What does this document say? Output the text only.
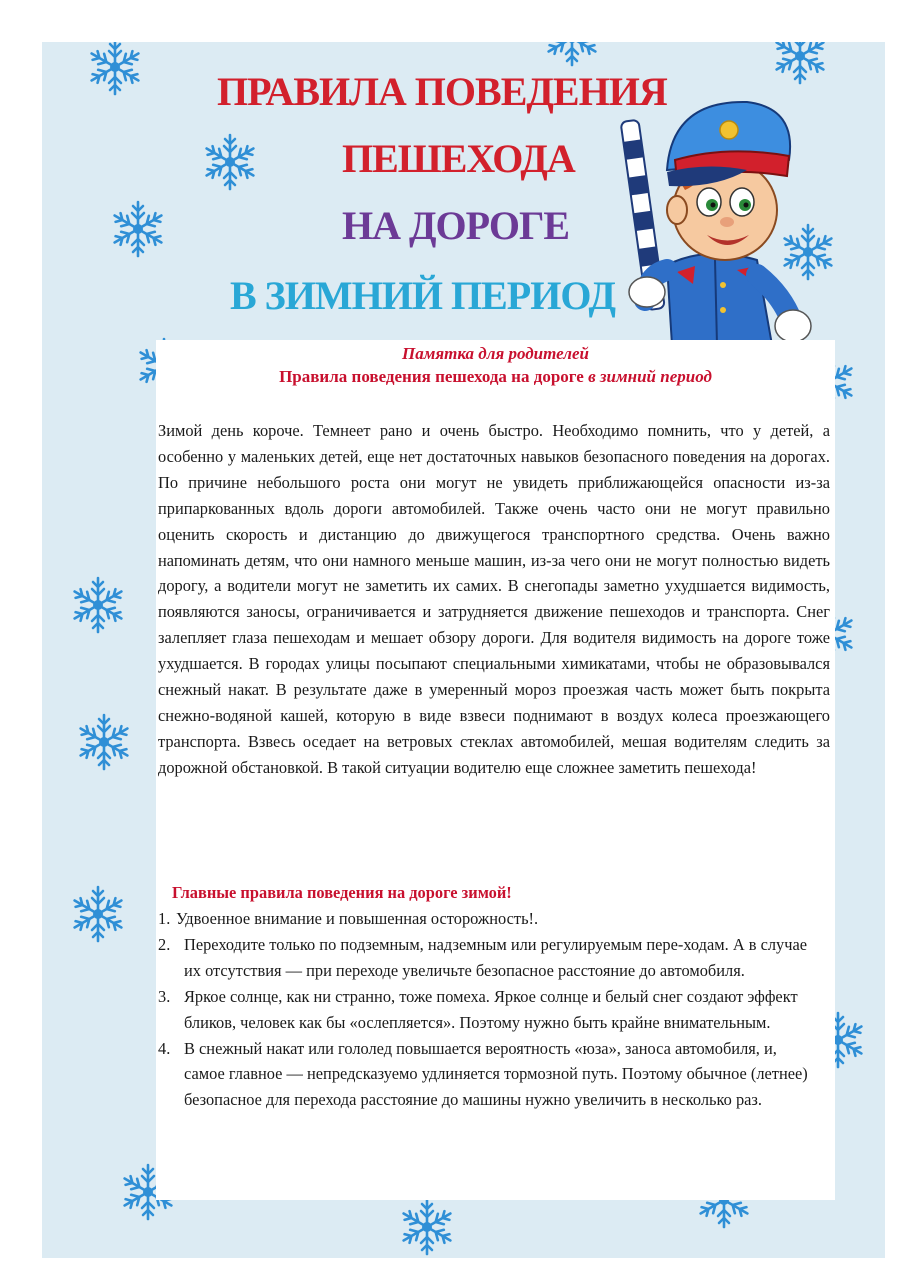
ПРАВИЛА ПОВЕДЕНИЯ
ПЕШЕХОДА
НА ДОРОГЕ
В ЗИМНИЙ ПЕРИОД

Памятка для родителей

Правила поведения пешехода на дороге в зимний период

Зимой день короче. Темнеет рано и очень быстро. Необходимо помнить, что у детей, а особенно у маленьких детей, еще нет достаточных навыков безопасного поведения на дорогах. По причине небольшого роста они могут не увидеть приближающейся опасности из-за припаркованных вдоль дороги автомобилей. Также очень часто они не могут правильно оценить скорость и дистанцию до движущегося транспортного средства. Очень важно напоминать детям, что они намного меньше машин, из-за чего они не могут полностью видеть дорогу, а водители могут не заметить их самих. В снегопады заметно ухудшается видимость, появляются заносы, ограничивается и затрудняется движение пешеходов и транспорта. Снег залепляет глаза пешеходам и мешает обзору дороги. Для водителя видимость на дороге тоже ухудшается. В городах улицы посыпают специальными химикатами, чтобы не образовывался снежный накат. В результате даже в умеренный мороз проезжая часть может быть покрыта снежно-водяной кашей, которую в виде взвеси поднимают в воздух колеса проезжающего транспорта. Взвесь оседает на ветровых стеклах автомобилей, мешая водителям следить за дорожной обстановкой. В такой ситуации водителю еще сложнее заметить пешехода!

Главные правила поведения на дороге зимой!

1. Удвоенное внимание и повышенная осторожность!.

2. Переходите только по подземным, надземным или регулируемым пере-ходам. А в случае их отсутствия — при переходе увеличьте безопасное расстояние до автомобиля.

3. Яркое солнце, как ни странно, тоже помеха. Яркое солнце и белый снег создают эффект бликов, человек как бы «ослепляется». Поэтому нужно быть крайне внимательным.

4. В снежный накат или гололед повышается вероятность «юза», заноса автомобиля, и, самое главное — непредсказуемо удлиняется тормозной путь. Поэтому обычное (летнее) безопасное для перехода расстояние до машины нужно увеличить в несколько раз.
